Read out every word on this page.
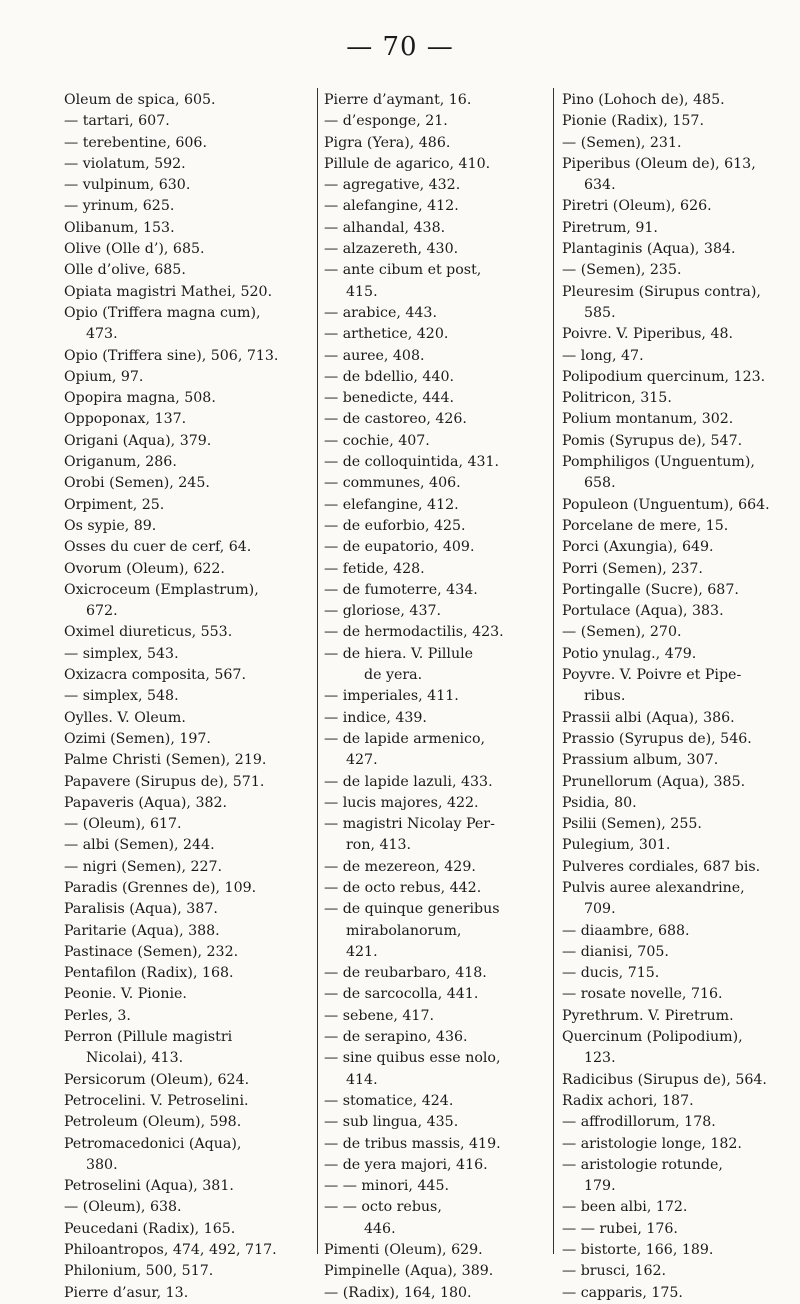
— 70 —
Oleum de spica, 605.
— tartari, 607.
— terebentine, 606.
— violatum, 592.
— vulpinum, 630.
— yrinum, 625.
Olibanum, 153.
Olive (Olle d’), 685.
Olle d’olive, 685.
Opiata magistri Mathei, 520.
Opio (Triffera magna cum),
473.
Opio (Triffera sine), 506, 713.
Opium, 97.
Opopira magna, 508.
Oppoponax, 137.
Origani (Aqua), 379.
Origanum, 286.
Orobi (Semen), 245.
Orpiment, 25.
Os sypie, 89.
Osses du cuer de cerf, 64.
Ovorum (Oleum), 622.
Oxicroceum (Emplastrum),
672.
Oximel diureticus, 553.
— simplex, 543.
Oxizacra composita, 567.
— simplex, 548.
Oylles. V. Oleum.
Ozimi (Semen), 197.
Palme Christi (Semen), 219.
Papavere (Sirupus de), 571.
Papaveris (Aqua), 382.
— (Oleum), 617.
— albi (Semen), 244.
— nigri (Semen), 227.
Paradis (Grennes de), 109.
Paralisis (Aqua), 387.
Paritarie (Aqua), 388.
Pastinace (Semen), 232.
Pentafilon (Radix), 168.
Peonie. V. Pionie.
Perles, 3.
Perron (Pillule magistri
Nicolai), 413.
Persicorum (Oleum), 624.
Petrocelini. V. Petroselini.
Petroleum (Oleum), 598.
Petromacedonici (Aqua),
380.
Petroselini (Aqua), 381.
— (Oleum), 638.
Peucedani (Radix), 165.
Philoantropos, 474, 492, 717.
Philonium, 500, 517.
Pierre d’asur, 13.
Pierre d’aymant, 16.
— d’esponge, 21.
Pigra (Yera), 486.
Pillule de agarico, 410.
— agregative, 432.
— alefangine, 412.
— alhandal, 438.
— alzazereth, 430.
— ante cibum et post,
415.
— arabice, 443.
— arthetice, 420.
— auree, 408.
— de bdellio, 440.
— benedicte, 444.
— de castoreo, 426.
— cochie, 407.
— de colloquintida, 431.
— communes, 406.
— elefangine, 412.
— de euforbio, 425.
— de eupatorio, 409.
— fetide, 428.
— de fumoterre, 434.
— gloriose, 437.
— de hermodactilis, 423.
— de hiera. V. Pillule
de yera.
— imperiales, 411.
— indice, 439.
— de lapide armenico,
427.
— de lapide lazuli, 433.
— lucis majores, 422.
— magistri Nicolay Per-
ron, 413.
— de mezereon, 429.
— de octo rebus, 442.
— de quinque generibus
mirabolanorum,
421.
— de reubarbaro, 418.
— de sarcocolla, 441.
— sebene, 417.
— de serapino, 436.
— sine quibus esse nolo,
414.
— stomatice, 424.
— sub lingua, 435.
— de tribus massis, 419.
— de yera majori, 416.
— — minori, 445.
— — octo rebus,
446.
Pimenti (Oleum), 629.
Pimpinelle (Aqua), 389.
— (Radix), 164, 180.
Pino (Lohoch de), 485.
Pionie (Radix), 157.
— (Semen), 231.
Piperibus (Oleum de), 613,
634.
Piretri (Oleum), 626.
Piretrum, 91.
Plantaginis (Aqua), 384.
— (Semen), 235.
Pleuresim (Sirupus contra),
585.
Poivre. V. Piperibus, 48.
— long, 47.
Polipodium quercinum, 123.
Politricon, 315.
Polium montanum, 302.
Pomis (Syrupus de), 547.
Pomphiligos (Unguentum),
658.
Populeon (Unguentum), 664.
Porcelane de mere, 15.
Porci (Axungia), 649.
Porri (Semen), 237.
Portingalle (Sucre), 687.
Portulace (Aqua), 383.
— (Semen), 270.
Potio ynulag., 479.
Poyvre. V. Poivre et Pipe-
ribus.
Prassii albi (Aqua), 386.
Prassio (Syrupus de), 546.
Prassium album, 307.
Prunellorum (Aqua), 385.
Psidia, 80.
Psilii (Semen), 255.
Pulegium, 301.
Pulveres cordiales, 687 bis.
Pulvis auree alexandrine,
709.
— diaambre, 688.
— dianisi, 705.
— ducis, 715.
— rosate novelle, 716.
Pyrethrum. V. Piretrum.
Quercinum (Polipodium),
123.
Radicibus (Sirupus de), 564.
Radix achori, 187.
— affrodillorum, 178.
— aristologie longe, 182.
— aristologie rotunde,
179.
— been albi, 172.
— — rubei, 176.
— bistorte, 166, 189.
— brusci, 162.
— capparis, 175.
